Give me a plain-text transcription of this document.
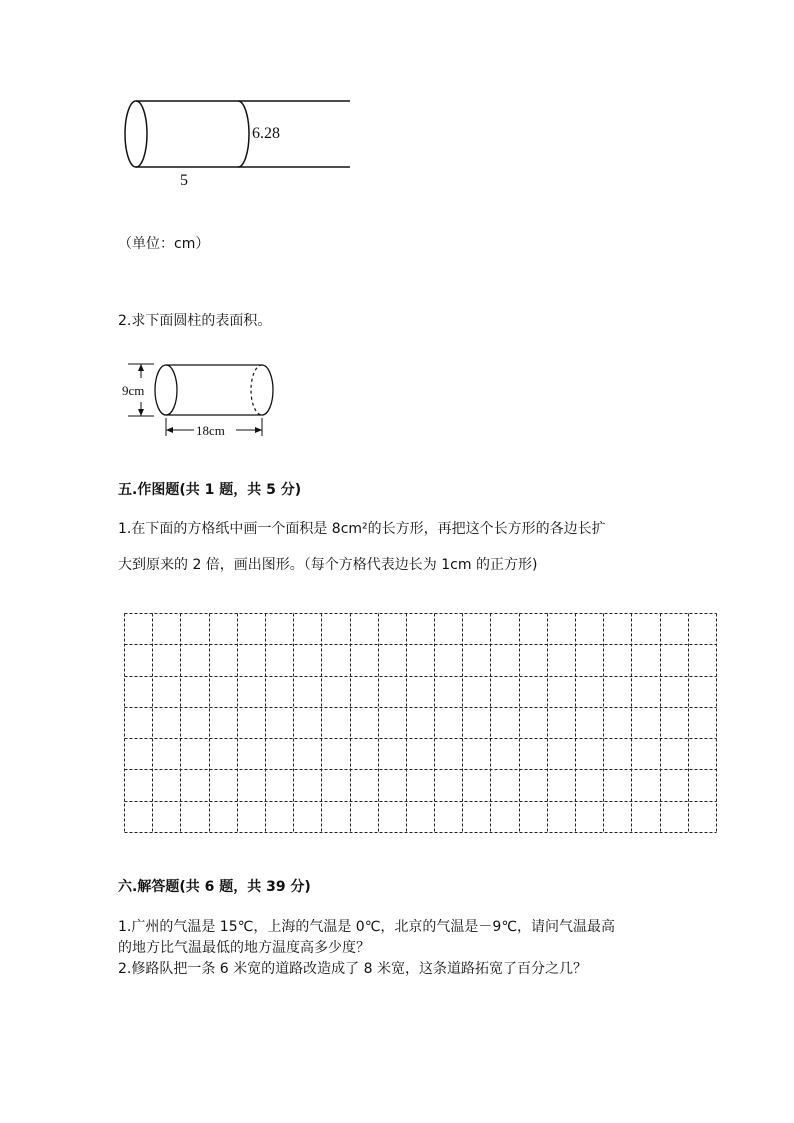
6.28
5
（单位：cm）
2.求下面圆柱的表面积。
9cm
18cm
五.作图题(共 1 题，共 5 分)
1.在下面的方格纸中画一个面积是 8cm²的长方形，再把这个长方形的各边长扩
大到原来的 2 倍，画出图形。（每个方格代表边长为 1cm 的正方形)
六.解答题(共 6 题，共 39 分)
1.广州的气温是 15℃，上海的气温是 0℃，北京的气温是－9℃，请问气温最高
的地方比气温最低的地方温度高多少度？
2.修路队把一条 6 米宽的道路改造成了 8 米宽，这条道路拓宽了百分之几？
